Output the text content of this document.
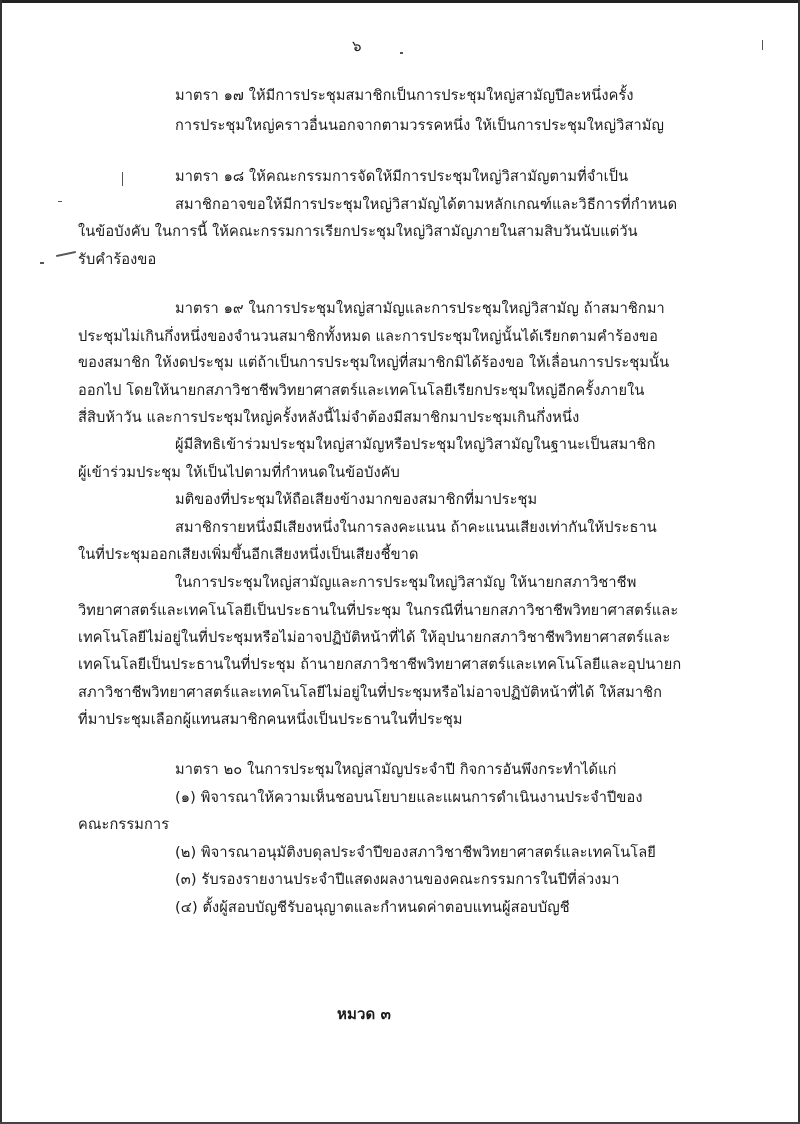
๖
มาตรา ๑๗ ให้มีการประชุมสมาชิกเป็นการประชุมใหญ่สามัญปีละหนึ่งครั้ง
การประชุมใหญ่คราวอื่นนอกจากตามวรรคหนึ่ง ให้เป็นการประชุมใหญ่วิสามัญ
มาตรา ๑๘ ให้คณะกรรมการจัดให้มีการประชุมใหญ่วิสามัญตามที่จำเป็น
สมาชิกอาจขอให้มีการประชุมใหญ่วิสามัญได้ตามหลักเกณฑ์และวิธีการที่กำหนด
ในข้อบังคับ ในการนี้ ให้คณะกรรมการเรียกประชุมใหญ่วิสามัญภายในสามสิบวันนับแต่วัน
รับคำร้องขอ
มาตรา ๑๙ ในการประชุมใหญ่สามัญและการประชุมใหญ่วิสามัญ ถ้าสมาชิกมา
ประชุมไม่เกินกึ่งหนึ่งของจำนวนสมาชิกทั้งหมด และการประชุมใหญ่นั้นได้เรียกตามคำร้องขอ
ของสมาชิก ให้งดประชุม แต่ถ้าเป็นการประชุมใหญ่ที่สมาชิกมิได้ร้องขอ ให้เลื่อนการประชุมนั้น
ออกไป โดยให้นายกสภาวิชาชีพวิทยาศาสตร์และเทคโนโลยีเรียกประชุมใหญ่อีกครั้งภายใน
สี่สิบห้าวัน และการประชุมใหญ่ครั้งหลังนี้ไม่จำต้องมีสมาชิกมาประชุมเกินกึ่งหนึ่ง
ผู้มีสิทธิเข้าร่วมประชุมใหญ่สามัญหรือประชุมใหญ่วิสามัญในฐานะเป็นสมาชิก
ผู้เข้าร่วมประชุม ให้เป็นไปตามที่กำหนดในข้อบังคับ
มติของที่ประชุมให้ถือเสียงข้างมากของสมาชิกที่มาประชุม
สมาชิกรายหนึ่งมีเสียงหนึ่งในการลงคะแนน ถ้าคะแนนเสียงเท่ากันให้ประธาน
ในที่ประชุมออกเสียงเพิ่มขึ้นอีกเสียงหนึ่งเป็นเสียงชี้ขาด
ในการประชุมใหญ่สามัญและการประชุมใหญ่วิสามัญ ให้นายกสภาวิชาชีพ
วิทยาศาสตร์และเทคโนโลยีเป็นประธานในที่ประชุม ในกรณีที่นายกสภาวิชาชีพวิทยาศาสตร์และ
เทคโนโลยีไม่อยู่ในที่ประชุมหรือไม่อาจปฏิบัติหน้าที่ได้ ให้อุปนายกสภาวิชาชีพวิทยาศาสตร์และ
เทคโนโลยีเป็นประธานในที่ประชุม ถ้านายกสภาวิชาชีพวิทยาศาสตร์และเทคโนโลยีและอุปนายก
สภาวิชาชีพวิทยาศาสตร์และเทคโนโลยีไม่อยู่ในที่ประชุมหรือไม่อาจปฏิบัติหน้าที่ได้ ให้สมาชิก
ที่มาประชุมเลือกผู้แทนสมาชิกคนหนึ่งเป็นประธานในที่ประชุม
มาตรา ๒๐ ในการประชุมใหญ่สามัญประจำปี กิจการอันพึงกระทำได้แก่
(๑) พิจารณาให้ความเห็นชอบนโยบายและแผนการดำเนินงานประจำปีของ
คณะกรรมการ
(๒) พิจารณาอนุมัติงบดุลประจำปีของสภาวิชาชีพวิทยาศาสตร์และเทคโนโลยี
(๓) รับรองรายงานประจำปีแสดงผลงานของคณะกรรมการในปีที่ล่วงมา
(๔) ตั้งผู้สอบบัญชีรับอนุญาตและกำหนดค่าตอบแทนผู้สอบบัญชี
หมวด ๓
